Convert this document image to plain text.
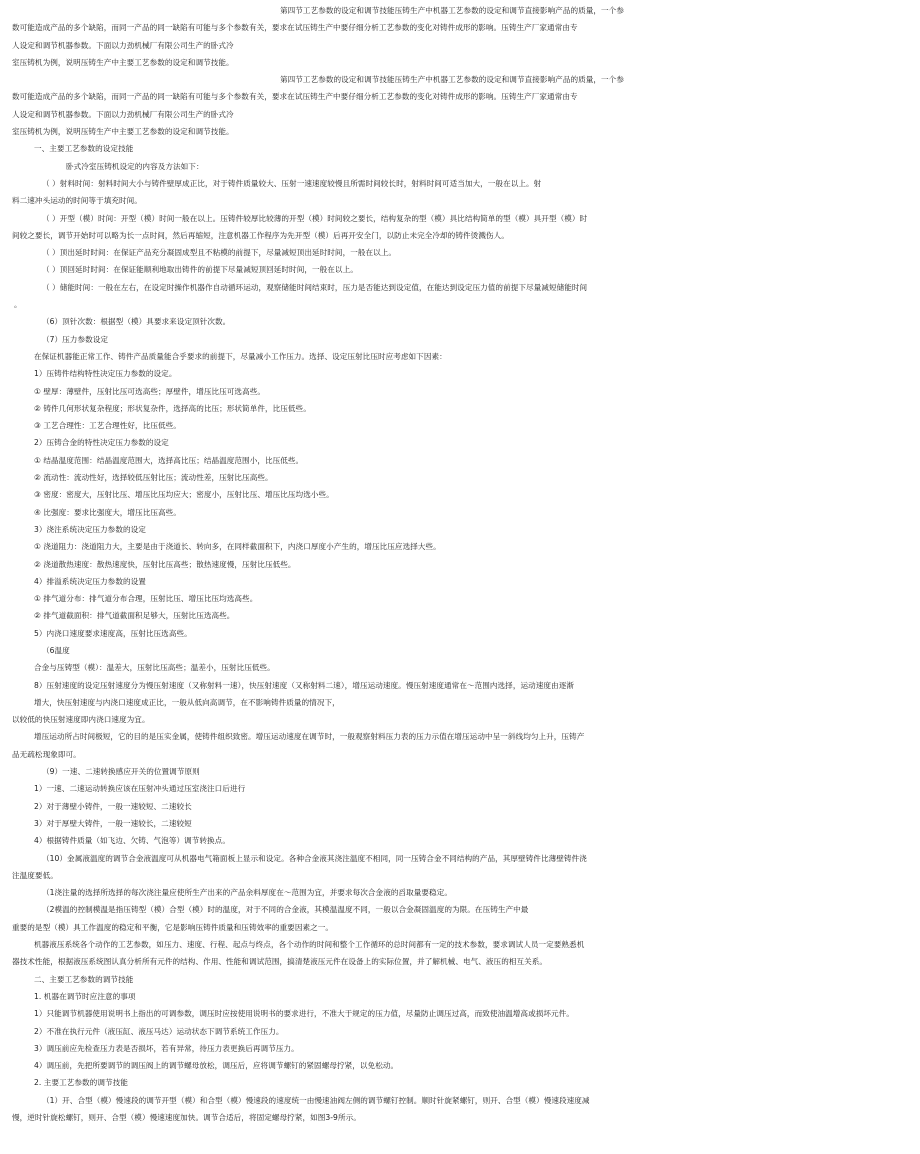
第四节工艺参数的设定和调节技能压铸生产中机器工艺参数的设定和调节直接影响产品的质量，一个参
数可能造成产品的多个缺陷，而同一产品的同一缺陷有可能与多个参数有关，要求在试压铸生产中要仔细分析工艺参数的变化对铸件成形的影响。压铸生产厂家通常由专
人设定和调节机器参数。下面以力劲机械厂有限公司生产的卧式冷
室压铸机为例，说明压铸生产中主要工艺参数的设定和调节技能。
第四节工艺参数的设定和调节技能压铸生产中机器工艺参数的设定和调节直接影响产品的质量，一个参
数可能造成产品的多个缺陷，而同一产品的同一缺陷有可能与多个参数有关，要求在试压铸生产中要仔细分析工艺参数的变化对铸件成形的影响。压铸生产厂家通常由专
人设定和调节机器参数。下面以力劲机械厂有限公司生产的卧式冷
室压铸机为例，说明压铸生产中主要工艺参数的设定和调节技能。
一、主要工艺参数的设定技能
卧式冷室压铸机设定的内容及方法如下：
（ ）射料时间：射料时间大小与铸件壁厚成正比，对于铸件质量较大、压射一速速度较慢且所需时间较长时，射料时间可适当加大，一般在以上。射
料二速冲头运动的时间等于填充时间。
（ ）开型（模）时间：开型（模）时间一般在以上。压铸件较厚比较薄的开型（模）时间较之要长，结构复杂的型（模）具比结构简单的型（模）具开型（模）时
间较之要长，调节开始时可以略为长一点时间，然后再缩短，注意机器工作程序为先开型（模）后再开安全门，以防止未完全冷却的铸件烫溅伤人。
（ ）顶出延时时间：在保证产品充分凝固成型且不粘模的前提下，尽量减短顶出延时时间，一般在以上。
（ ）顶回延时时间：在保证能顺利地取出铸件的前提下尽量减短顶回延时时间，一般在以上。
（ ）储能时间：一般在左右，在设定时操作机器作自动循环运动，观察储能时间结束时，压力是否能达到设定值，在能达到设定压力值的前提下尽量减短储能时间
。
（6）顶针次数：根据型（模）具要求来设定顶针次数。
（7）压力参数设定
在保证机器能正常工作、铸件产品质量能合乎要求的前提下，尽量减小工作压力。选择、设定压射比压时应考虑如下因素：
1）压铸件结构特性决定压力参数的设定。
① 壁厚：薄壁件，压射比压可选高些；厚壁件，增压比压可选高些。
② 铸件几何形状复杂程度；形状复杂件，选择高的比压；形状简单件，比压低些。
③ 工艺合理性：工艺合理性好，比压低些。
2）压铸合金的特性决定压力参数的设定
① 结晶温度范围：结晶温度范围大，选择高比压；结晶温度范围小，比压低些。
② 流动性：流动性好，选择较低压射比压；流动性差，压射比压高些。
③ 密度：密度大，压射比压、增压比压均应大；密度小，压射比压、增压比压均选小些。
④ 比强度：要求比强度大，增压比压高些。
3）浇注系统决定压力参数的设定
① 浇道阻力：浇道阻力大，主要是由于浇道长、转向多，在同样截面积下，内浇口厚度小产生的，增压比压应选择大些。
② 浇道散热速度：散热速度快，压射比压高些；散热速度慢，压射比压低些。
4）排溢系统决定压力参数的设置
① 排气道分布：排气道分布合理，压射比压、增压比压均选高些。
② 排气道截面积：排气道截面积足够大，压射比压选高些。
5）内浇口速度要求速度高，压射比压选高些。
（6温度
合金与压铸型（模）：温差大，压射比压高些；温差小，压射比压低些。
8）压射速度的设定压射速度分为慢压射速度（又称射料一速），快压射速度（又称射料二速），增压运动速度。慢压射速度通常在～范围内选择，运动速度由逐渐
增大，快压射速度与内浇口速度成正比，一般从低向高调节，在不影响铸件质量的情况下，
以较低的快压射速度即内浇口速度为宜。
增压运动所占时间极短，它的目的是压实金属，使铸件组织致密。增压运动速度在调节时，一般观察射料压力表的压力示值在增压运动中呈一斜线均匀上升，压铸产
品无疏松现象即可。
（9）一速、二速转换感应开关的位置调节原则
1）一速、二速运动转换应该在压射冲头通过压室浇注口后进行
2）对于薄壁小铸件，一般一速较短、二速较长
3）对于厚壁大铸件，一般一速较长，二速较短
4）根据铸件质量（如飞边、欠铸、气泡等）调节转换点。
（10）金属液温度的调节合金液温度可从机器电气箱面板上显示和设定。各种合金液其浇注温度不相同，同一压铸合金不同结构的产品，其厚壁铸件比薄壁铸件浇
注温度要低。
（1浇注量的选择所选择的每次浇注量应使所生产出来的产品余料厚度在～范围为宜，并要求每次合金液的舀取量要稳定。
（2模温的控制模温是指压铸型（模）合型（模）时的温度，对于不同的合金液，其模温温度不同，一般以合金凝固温度的为限。在压铸生产中最
重要的是型（模）具工作温度的稳定和平衡，它是影响压铸件质量和压铸效率的重要因素之一。
机器液压系统各个动作的工艺参数，如压力、速度、行程、起点与终点，各个动作的时间和整个工作循环的总时间都有一定的技术参数，要求调试人员一定要熟悉机
器技术性能，根据液压系统图认真分析所有元件的结构、作用、性能和调试范围，搞清楚液压元件在设备上的实际位置，并了解机械、电气、液压的相互关系。
二、主要工艺参数的调节技能
1. 机器在调节时应注意的事项
1）只能调节机器使用说明书上指出的可调参数，调压时应按使用说明书的要求进行，不准大于规定的压力值，尽量防止调压过高，而致使油温增高或损坏元件。
2）不准在执行元件（液压缸、液压马达）运动状态下调节系统工作压力。
3）调压前应先检查压力表是否损坏，若有异常，待压力表更换后再调节压力。
4）调压前，先把所要调节的调压阀上的调节螺母放松，调压后，应将调节螺钉的紧固螺母拧紧，以免松动。
2. 主要工艺参数的调节技能
（1）开、合型（模）慢速段的调节开型（模）和合型（模）慢速段的速度统一由慢速油阀左侧的调节螺钉控制。顺时针旋紧螺钉，则开、合型（模）慢速段速度减
慢，逆时针旋松螺钉，则开、合型（模）慢速速度加快。调节合适后，将固定螺母拧紧，如图3-9所示。
